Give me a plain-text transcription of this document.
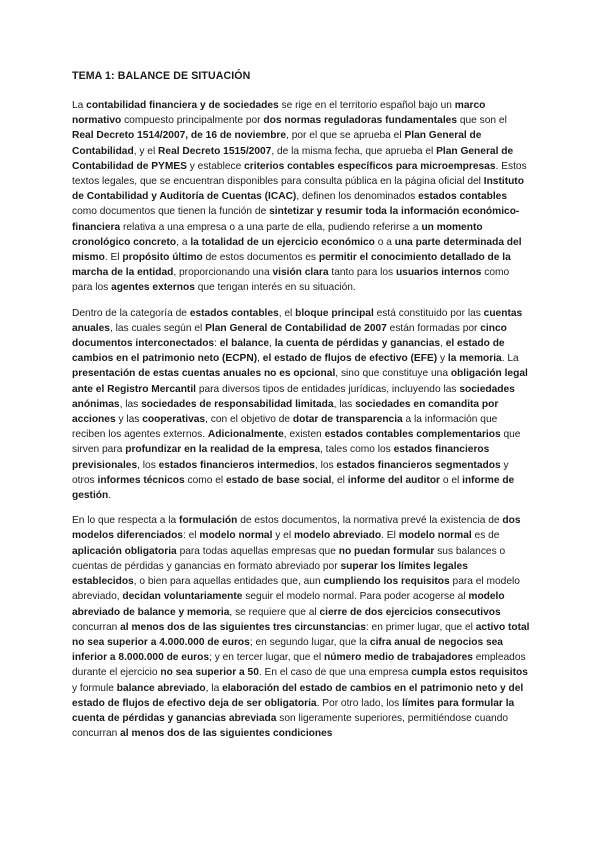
TEMA 1: BALANCE DE SITUACIÓN

La contabilidad financiera y de sociedades se rige en el territorio español bajo un marco normativo compuesto principalmente por dos normas reguladoras fundamentales que son el Real Decreto 1514/2007, de 16 de noviembre, por el que se aprueba el Plan General de Contabilidad, y el Real Decreto 1515/2007, de la misma fecha, que aprueba el Plan General de Contabilidad de PYMES y establece criterios contables específicos para microempresas. Estos textos legales, que se encuentran disponibles para consulta pública en la página oficial del Instituto de Contabilidad y Auditoría de Cuentas (ICAC), definen los denominados estados contables como documentos que tienen la función de sintetizar y resumir toda la información económico-financiera relativa a una empresa o a una parte de ella, pudiendo referirse a un momento cronológico concreto, a la totalidad de un ejercicio económico o a una parte determinada del mismo. El propósito último de estos documentos es permitir el conocimiento detallado de la marcha de la entidad, proporcionando una visión clara tanto para los usuarios internos como para los agentes externos que tengan interés en su situación.

Dentro de la categoría de estados contables, el bloque principal está constituido por las cuentas anuales, las cuales según el Plan General de Contabilidad de 2007 están formadas por cinco documentos interconectados: el balance, la cuenta de pérdidas y ganancias, el estado de cambios en el patrimonio neto (ECPN), el estado de flujos de efectivo (EFE) y la memoria. La presentación de estas cuentas anuales no es opcional, sino que constituye una obligación legal ante el Registro Mercantil para diversos tipos de entidades jurídicas, incluyendo las sociedades anónimas, las sociedades de responsabilidad limitada, las sociedades en comandita por acciones y las cooperativas, con el objetivo de dotar de transparencia a la información que reciben los agentes externos. Adicionalmente, existen estados contables complementarios que sirven para profundizar en la realidad de la empresa, tales como los estados financieros previsionales, los estados financieros intermedios, los estados financieros segmentados y otros informes técnicos como el estado de base social, el informe del auditor o el informe de gestión.

En lo que respecta a la formulación de estos documentos, la normativa prevé la existencia de dos modelos diferenciados: el modelo normal y el modelo abreviado. El modelo normal es de aplicación obligatoria para todas aquellas empresas que no puedan formular sus balances o cuentas de pérdidas y ganancias en formato abreviado por superar los límites legales establecidos, o bien para aquellas entidades que, aun cumpliendo los requisitos para el modelo abreviado, decidan voluntariamente seguir el modelo normal. Para poder acogerse al modelo abreviado de balance y memoria, se requiere que al cierre de dos ejercicios consecutivos concurran al menos dos de las siguientes tres circunstancias: en primer lugar, que el activo total no sea superior a 4.000.000 de euros; en segundo lugar, que la cifra anual de negocios sea inferior a 8.000.000 de euros; y en tercer lugar, que el número medio de trabajadores empleados durante el ejercicio no sea superior a 50. En el caso de que una empresa cumpla estos requisitos y formule balance abreviado, la elaboración del estado de cambios en el patrimonio neto y del estado de flujos de efectivo deja de ser obligatoria. Por otro lado, los límites para formular la cuenta de pérdidas y ganancias abreviada son ligeramente superiores, permitiéndose cuando concurran al menos dos de las siguientes condiciones
